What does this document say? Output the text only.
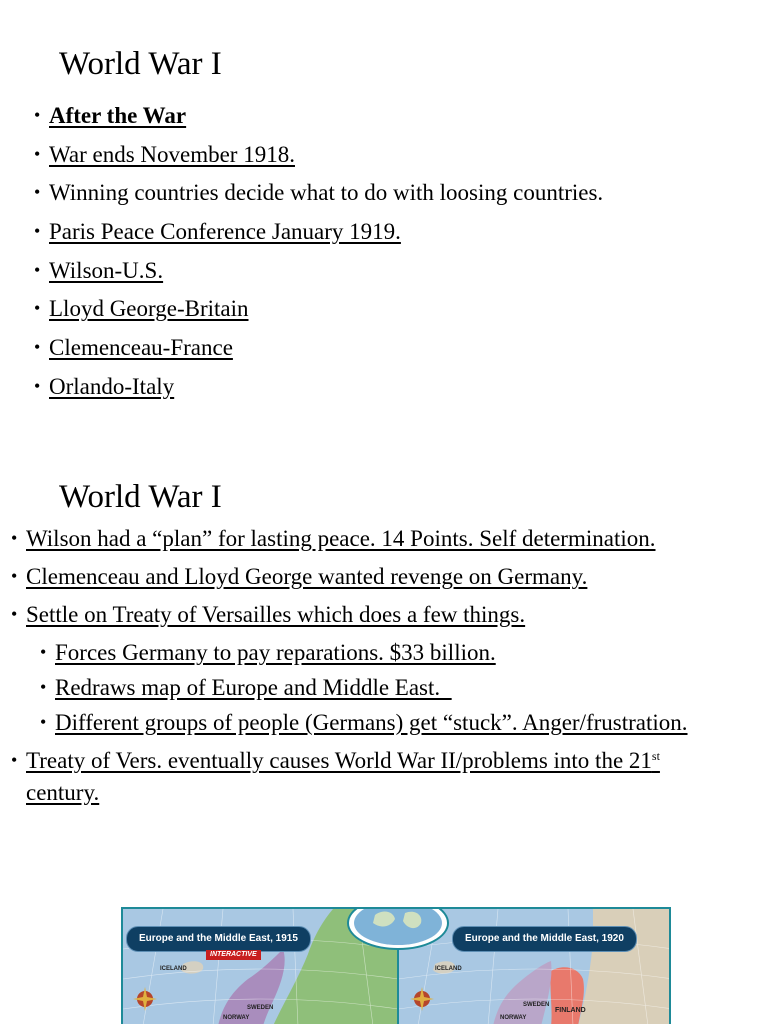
World War I
• After the War
• War ends November 1918.
• Winning countries decide what to do with loosing countries.
• Paris Peace Conference January 1919.
• Wilson-U.S.
• Lloyd George-Britain
• Clemenceau-France
• Orlando-Italy
World War I
• Wilson had a “plan” for lasting peace. 14 Points. Self determination.
• Clemenceau and Lloyd George wanted revenge on Germany.
• Settle on Treaty of Versailles which does a few things.
• Forces Germany to pay reparations. $33 billion.
• Redraws map of Europe and Middle East.
• Different groups of people (Germans) get “stuck”. Anger/frustration.
• Treaty of Vers. eventually causes World War II/problems into the 21st century.
Europe and the Middle East, 1915
INTERACTIVE
Europe and the Middle East, 1920
ICELAND
SWEDEN
NORWAY
ICELAND
SWEDEN
NORWAY
FINLAND
